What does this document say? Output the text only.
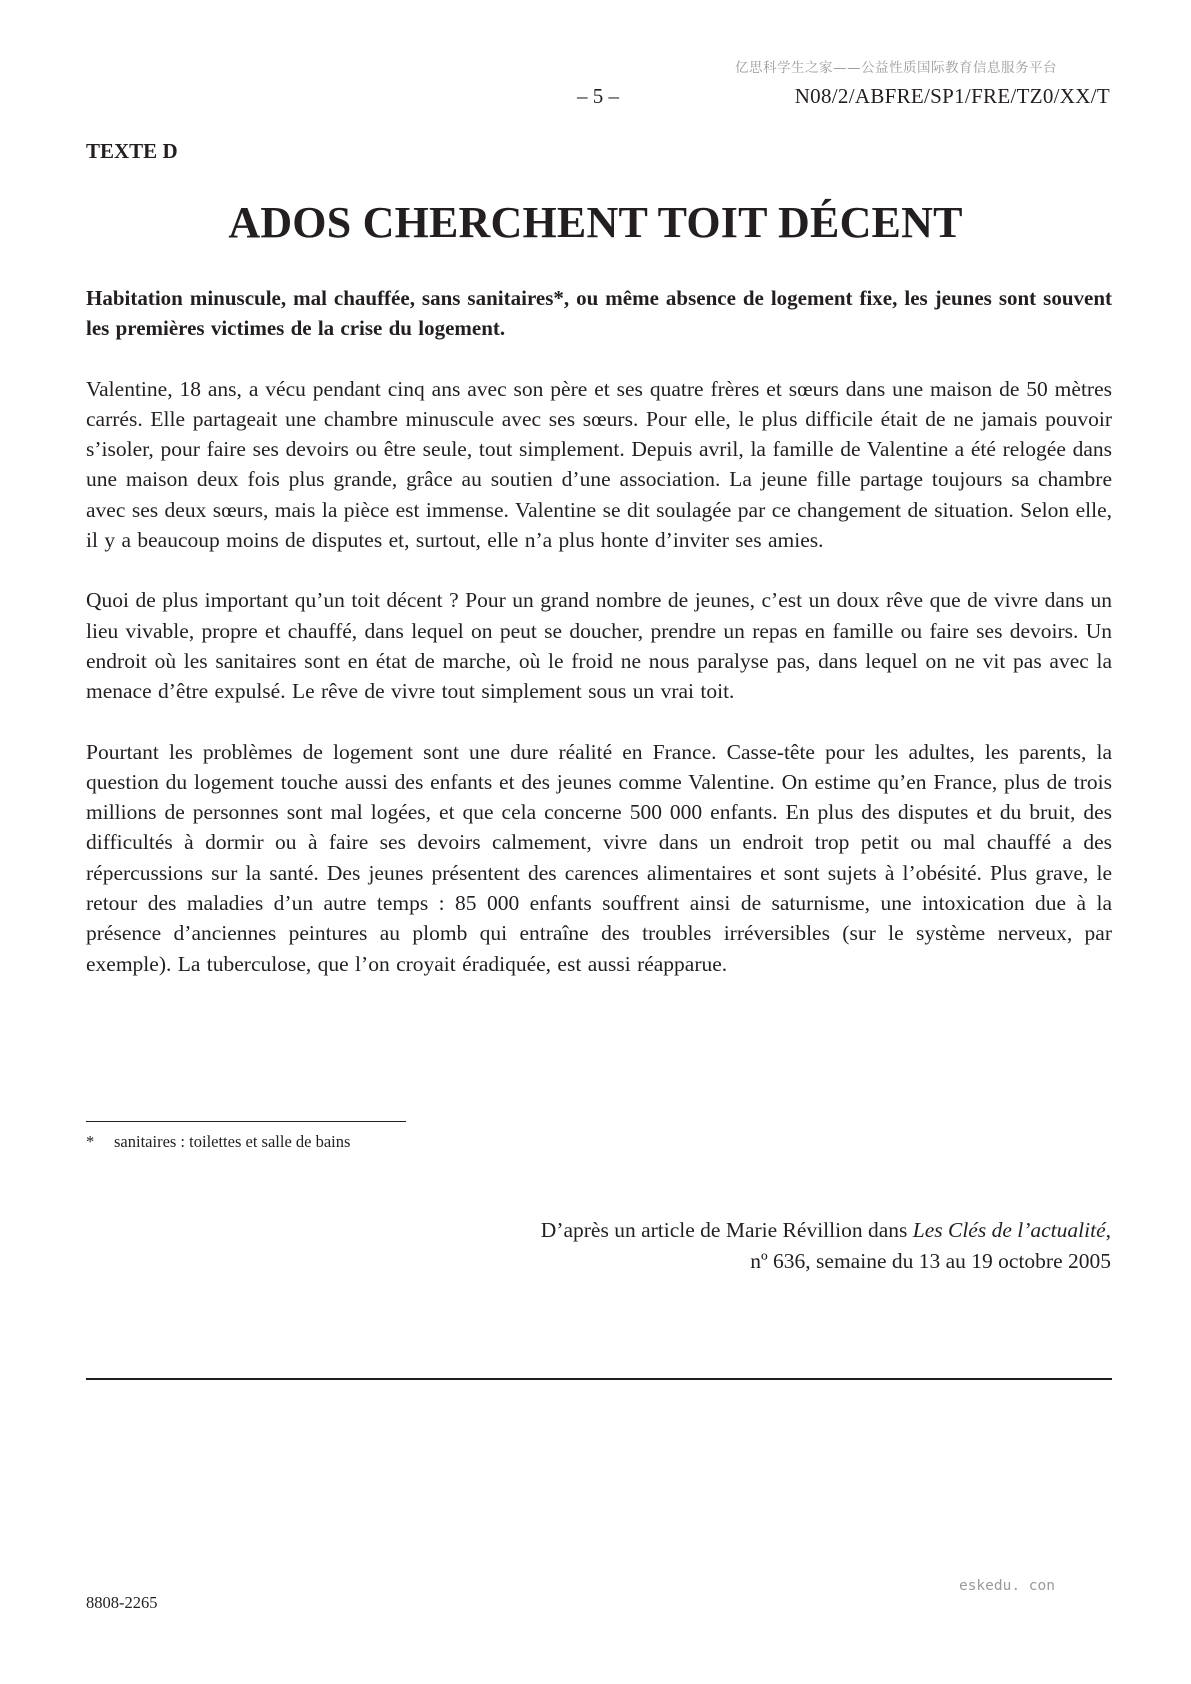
亿思科学生之家——公益性质国际教育信息服务平台
– 5 –	N08/2/ABFRE/SP1/FRE/TZ0/XX/T
TEXTE D
ADOS CHERCHENT TOIT DÉCENT

Habitation minuscule, mal chauffée, sans sanitaires*, ou même absence de logement fixe, les jeunes sont souvent les premières victimes de la crise du logement.

Valentine, 18 ans, a vécu pendant cinq ans avec son père et ses quatre frères et sœurs dans une maison de 50 mètres carrés. Elle partageait une chambre minuscule avec ses sœurs. Pour elle, le plus difficile était de ne jamais pouvoir s’isoler, pour faire ses devoirs ou être seule, tout simplement. Depuis avril, la famille de Valentine a été relogée dans une maison deux fois plus grande, grâce au soutien d’une association. La jeune fille partage toujours sa chambre avec ses deux sœurs, mais la pièce est immense. Valentine se dit soulagée par ce changement de situation. Selon elle, il y a beaucoup moins de disputes et, surtout, elle n’a plus honte d’inviter ses amies.

Quoi de plus important qu’un toit décent ? Pour un grand nombre de jeunes, c’est un doux rêve que de vivre dans un lieu vivable, propre et chauffé, dans lequel on peut se doucher, prendre un repas en famille ou faire ses devoirs. Un endroit où les sanitaires sont en état de marche, où le froid ne nous paralyse pas, dans lequel on ne vit pas avec la menace d’être expulsé. Le rêve de vivre tout simplement sous un vrai toit.

Pourtant les problèmes de logement sont une dure réalité en France. Casse-tête pour les adultes, les parents, la question du logement touche aussi des enfants et des jeunes comme Valentine. On estime qu’en France, plus de trois millions de personnes sont mal logées, et que cela concerne 500 000 enfants. En plus des disputes et du bruit, des difficultés à dormir ou à faire ses devoirs calmement, vivre dans un endroit trop petit ou mal chauffé a des répercussions sur la santé. Des jeunes présentent des carences alimentaires et sont sujets à l’obésité. Plus grave, le retour des maladies d’un autre temps : 85 000 enfants souffrent ainsi de saturnisme, une intoxication due à la présence d’anciennes peintures au plomb qui entraîne des troubles irréversibles (sur le système nerveux, par exemple). La tuberculose, que l’on croyait éradiquée, est aussi réapparue.

* sanitaires : toilettes et salle de bains
D’après un article de Marie Révillion dans Les Clés de l’actualité,
nº 636, semaine du 13 au 19 octobre 2005
8808-2265
eskedu. con
